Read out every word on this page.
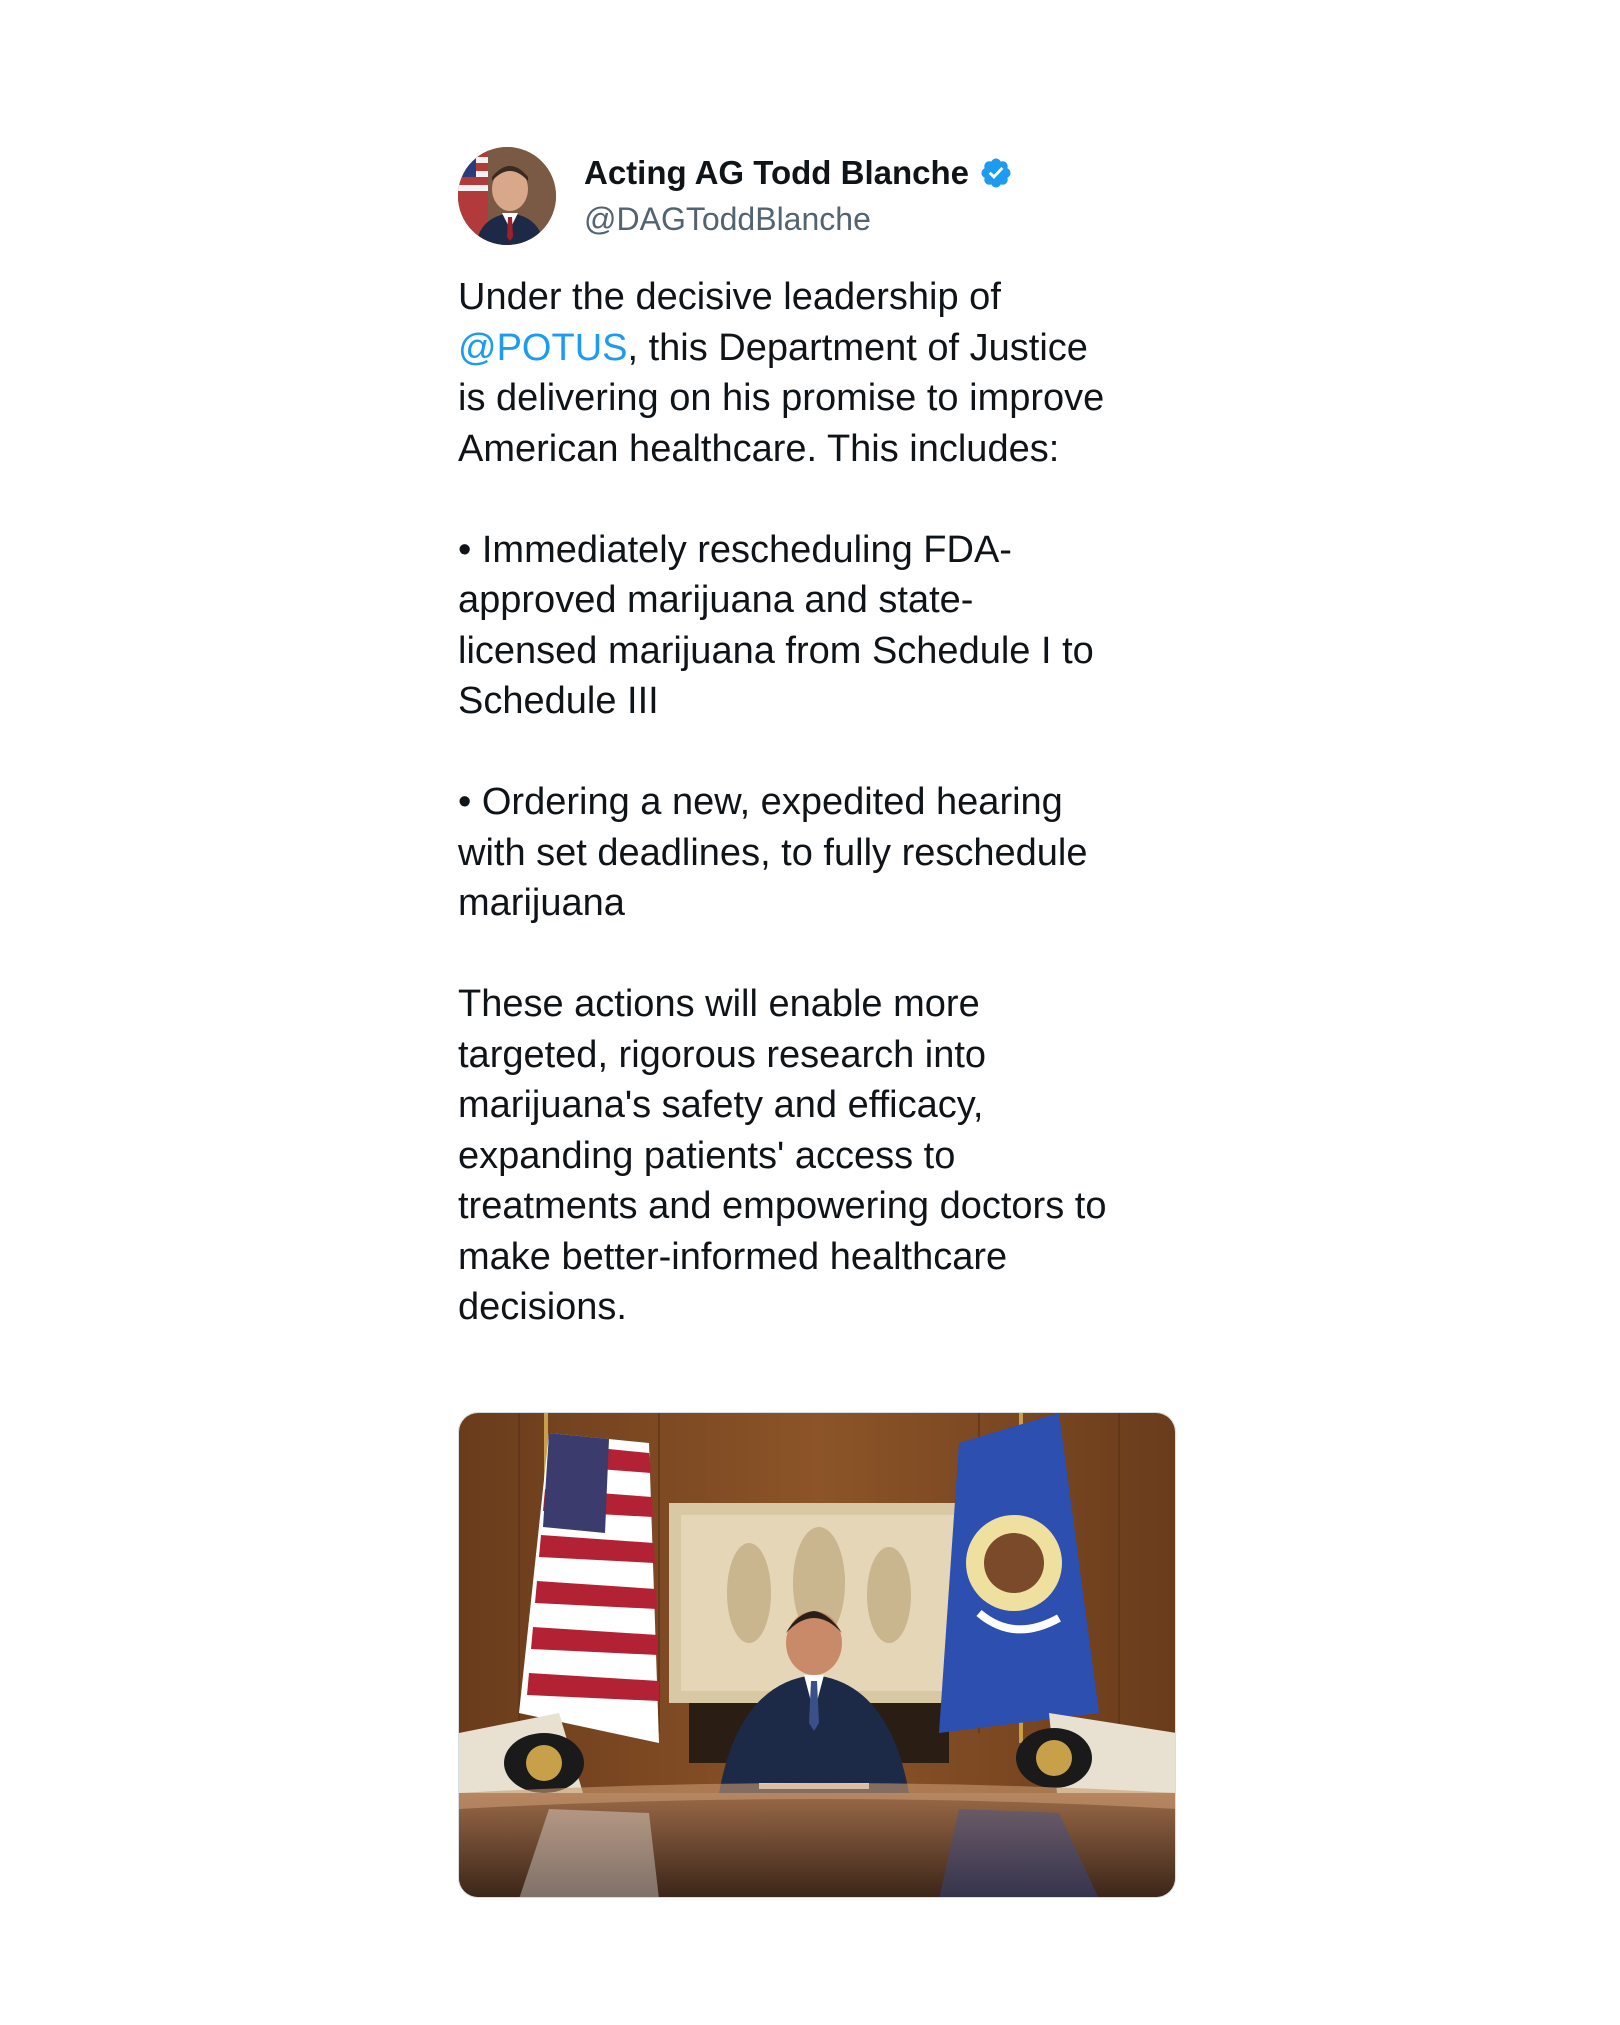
Acting AG Todd Blanche
@DAGToddBlanche

Under the decisive leadership of
@POTUS, this Department of Justice
is delivering on his promise to improve
American healthcare. This includes:

• Immediately rescheduling FDA-
approved marijuana and state-
licensed marijuana from Schedule I to
Schedule III

• Ordering a new, expedited hearing
with set deadlines, to fully reschedule
marijuana

These actions will enable more
targeted, rigorous research into
marijuana's safety and efficacy,
expanding patients' access to
treatments and empowering doctors to
make better-informed healthcare
decisions.
